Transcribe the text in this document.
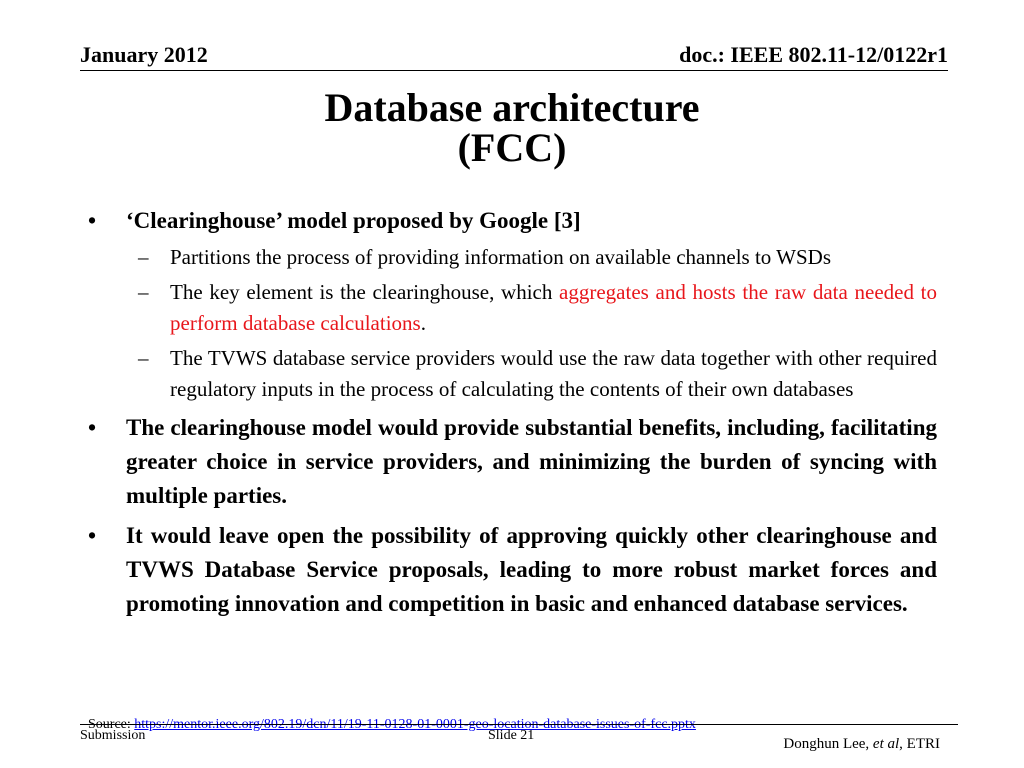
January 2012	doc.: IEEE 802.11-12/0122r1
Database architecture
(FCC)
• ‘Clearinghouse’ model proposed by Google [3]
– Partitions the process of providing information on available channels to WSDs
– The key element is the clearinghouse, which aggregates and hosts the raw data needed to perform database calculations.
– The TVWS database service providers would use the raw data together with other required regulatory inputs in the process of calculating the contents of their own databases
• The clearinghouse model would provide substantial benefits, including, facilitating greater choice in service providers, and minimizing the burden of syncing with multiple parties.
• It would leave open the possibility of approving quickly other clearinghouse and TVWS Database Service proposals, leading to more robust market forces and promoting innovation and competition in basic and enhanced database services.
Source: https://mentor.ieee.org/802.19/dcn/11/19-11-0128-01-0001-geo-location-database-issues-of-fcc.pptx
Submission	Slide 21
Donghun Lee, et al, ETRI
